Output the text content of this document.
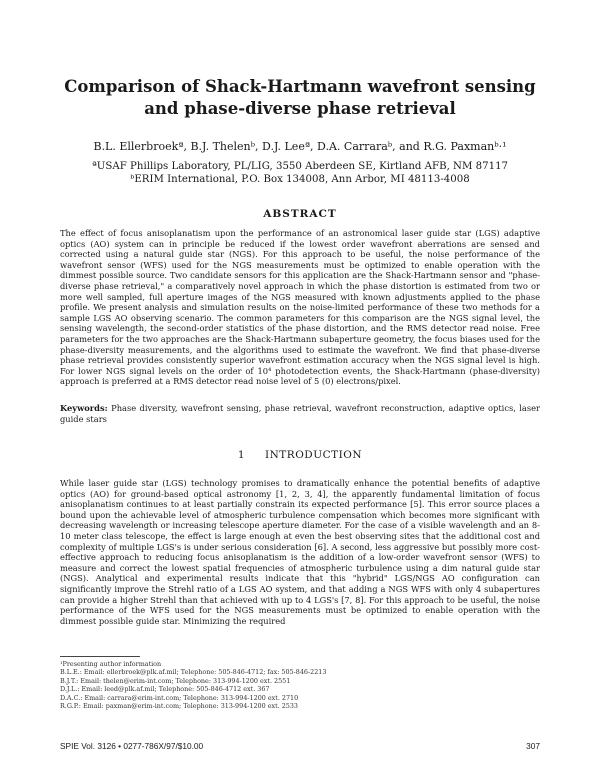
Comparison of Shack-Hartmann wavefront sensing
and phase-diverse phase retrieval
B.L. Ellerbroekª, B.J. Thelenᵇ, D.J. Leeª, D.A. Carraraᵇ, and R.G. Paxmanᵇ·¹
ªUSAF Phillips Laboratory, PL/LIG, 3550 Aberdeen SE, Kirtland AFB, NM 87117
ᵇERIM International, P.O. Box 134008, Ann Arbor, MI 48113-4008
ABSTRACT

The effect of focus anisoplanatism upon the performance of an astronomical laser guide star (LGS) adaptive optics (AO) system can in principle be reduced if the lowest order wavefront aberrations are sensed and corrected using a natural guide star (NGS). For this approach to be useful, the noise performance of the wavefront sensor (WFS) used for the NGS measurements must be optimized to enable operation with the dimmest possible source. Two candidate sensors for this application are the Shack-Hartmann sensor and "phase-diverse phase retrieval," a comparatively novel approach in which the phase distortion is estimated from two or more well sampled, full aperture images of the NGS measured with known adjustments applied to the phase profile. We present analysis and simulation results on the noise-limited performance of these two methods for a sample LGS AO observing scenario. The common parameters for this comparison are the NGS signal level, the sensing wavelength, the second-order statistics of the phase distortion, and the RMS detector read noise. Free parameters for the two approaches are the Shack-Hartmann subaperture geometry, the focus biases used for the phase-diversity measurements, and the algorithms used to estimate the wavefront. We find that phase-diverse phase retrieval provides consistently superior wavefront estimation accuracy when the NGS signal level is high. For lower NGS signal levels on the order of 10⁴ photodetection events, the Shack-Hartmann (phase-diversity) approach is preferred at a RMS detector read noise level of 5 (0) electrons/pixel.

Keywords: Phase diversity, wavefront sensing, phase retrieval, wavefront reconstruction, adaptive optics, laser guide stars
1 INTRODUCTION

While laser guide star (LGS) technology promises to dramatically enhance the potential benefits of adaptive optics (AO) for ground-based optical astronomy [1, 2, 3, 4], the apparently fundamental limitation of focus anisoplanatism continues to at least partially constrain its expected performance [5]. This error source places a bound upon the achievable level of atmospheric turbulence compensation which becomes more significant with decreasing wavelength or increasing telescope aperture diameter. For the case of a visible wavelength and an 8-10 meter class telescope, the effect is large enough at even the best observing sites that the additional cost and complexity of multiple LGS's is under serious consideration [6]. A second, less aggressive but possibly more cost-effective approach to reducing focus anisoplanatism is the addition of a low-order wavefront sensor (WFS) to measure and correct the lowest spatial frequencies of atmospheric turbulence using a dim natural guide star (NGS). Analytical and experimental results indicate that this "hybrid" LGS/NGS AO configuration can significantly improve the Strehl ratio of a LGS AO system, and that adding a NGS WFS with only 4 subapertures can provide a higher Strehl than that achieved with up to 4 LGS's [7, 8]. For this approach to be useful, the noise performance of the WFS used for the NGS measurements must be optimized to enable operation with the dimmest possible guide star. Minimizing the required

¹Presenting author information
B.L.E.: Email: ellerbroek@plk.af.mil; Telephone: 505-846-4712; fax: 505-846-2213
B.J.T.: Email: thelen@erim-int.com; Telephone: 313-994-1200 ext. 2551
D.J.L.: Email: leed@plk.af.mil; Telephone: 505-846-4712 ext. 367
D.A.C.: Email: carrara@erim-int.com; Telephone: 313-994-1200 ext. 2710
R.G.P.: Email: paxman@erim-int.com; Telephone: 313-994-1200 ext. 2533
SPIE Vol. 3126 • 0277-786X/97/$10.00	307
